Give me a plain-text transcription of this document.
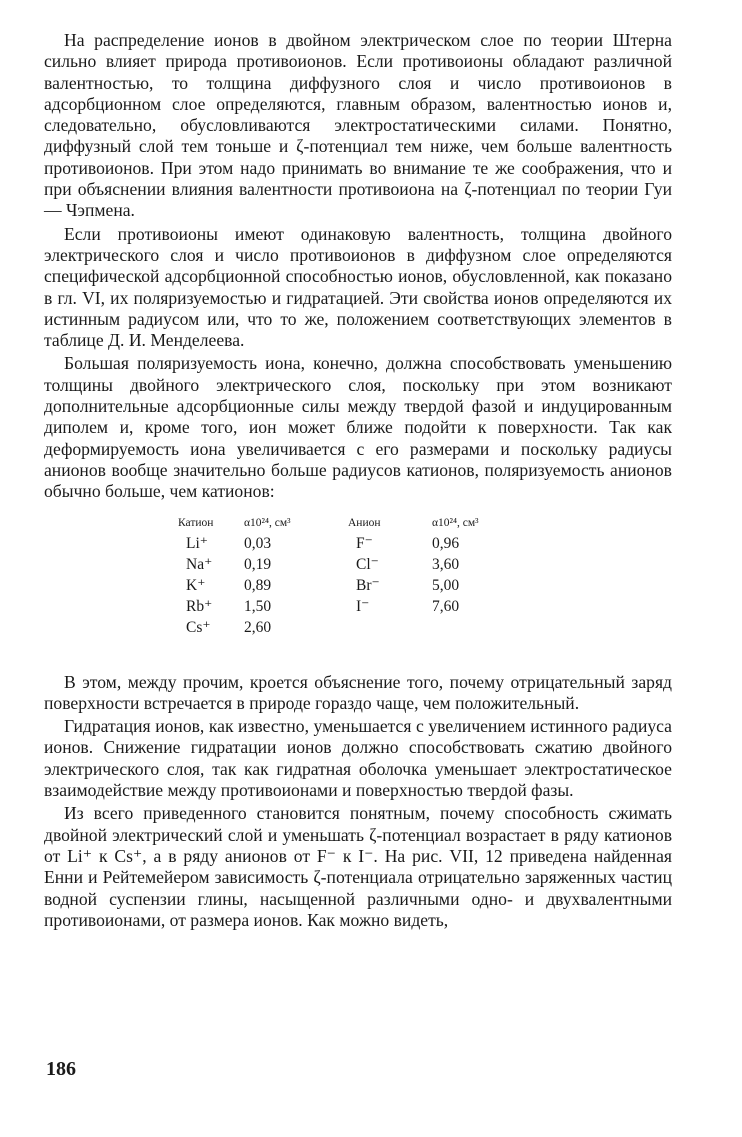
На распределение ионов в двойном электрическом слое по теории Штерна сильно влияет природа противоионов. Если противоионы обладают различной валентностью, то толщина диффузного слоя и число противоионов в адсорбционном слое определяются, главным образом, валентностью ионов и, следовательно, обусловливаются электростатическими силами. Понятно, диффузный слой тем тоньше и ζ-потенциал тем ниже, чем больше валентность противоионов. При этом надо принимать во внимание те же соображения, что и при объяснении влияния валентности противоиона на ζ-потенциал по теории Гуи — Чэпмена.

Если противоионы имеют одинаковую валентность, толщина двойного электрического слоя и число противоионов в диффузном слое определяются специфической адсорбционной способностью ионов, обусловленной, как показано в гл. VI, их поляризуемостью и гидратацией. Эти свойства ионов определяются их истинным радиусом или, что то же, положением соответствующих элементов в таблице Д. И. Менделеева.

Большая поляризуемость иона, конечно, должна способствовать уменьшению толщины двойного электрического слоя, поскольку при этом возникают дополнительные адсорбционные силы между твердой фазой и индуцированным диполем и, кроме того, ион может ближе подойти к поверхности. Так как деформируемость иона увеличивается с его размерами и поскольку радиусы анионов вообще значительно больше радиусов катионов, поляризуемость анионов обычно больше, чем катионов:

Катион	α10²⁴, см³	Анион	α10²⁴, см³
Li⁺	0,03	F⁻	0,96
Na⁺	0,19	Cl⁻	3,60
K⁺	0,89	Br⁻	5,00
Rb⁺	1,50	I⁻	7,60
Cs⁺	2,60		

В этом, между прочим, кроется объяснение того, почему отрицательный заряд поверхности встречается в природе гораздо чаще, чем положительный.

Гидратация ионов, как известно, уменьшается с увеличением истинного радиуса ионов. Снижение гидратации ионов должно способствовать сжатию двойного электрического слоя, так как гидратная оболочка уменьшает электростатическое взаимодействие между противоионами и поверхностью твердой фазы.

Из всего приведенного становится понятным, почему способность сжимать двойной электрический слой и уменьшать ζ-потенциал возрастает в ряду катионов от Li⁺ к Cs⁺, а в ряду анионов от F⁻ к I⁻. На рис. VII, 12 приведена найденная Енни и Рейтемейером зависимость ζ-потенциала отрицательно заряженных частиц водной суспензии глины, насыщенной различными одно- и двухвалентными противоионами, от размера ионов. Как можно видеть,

186
